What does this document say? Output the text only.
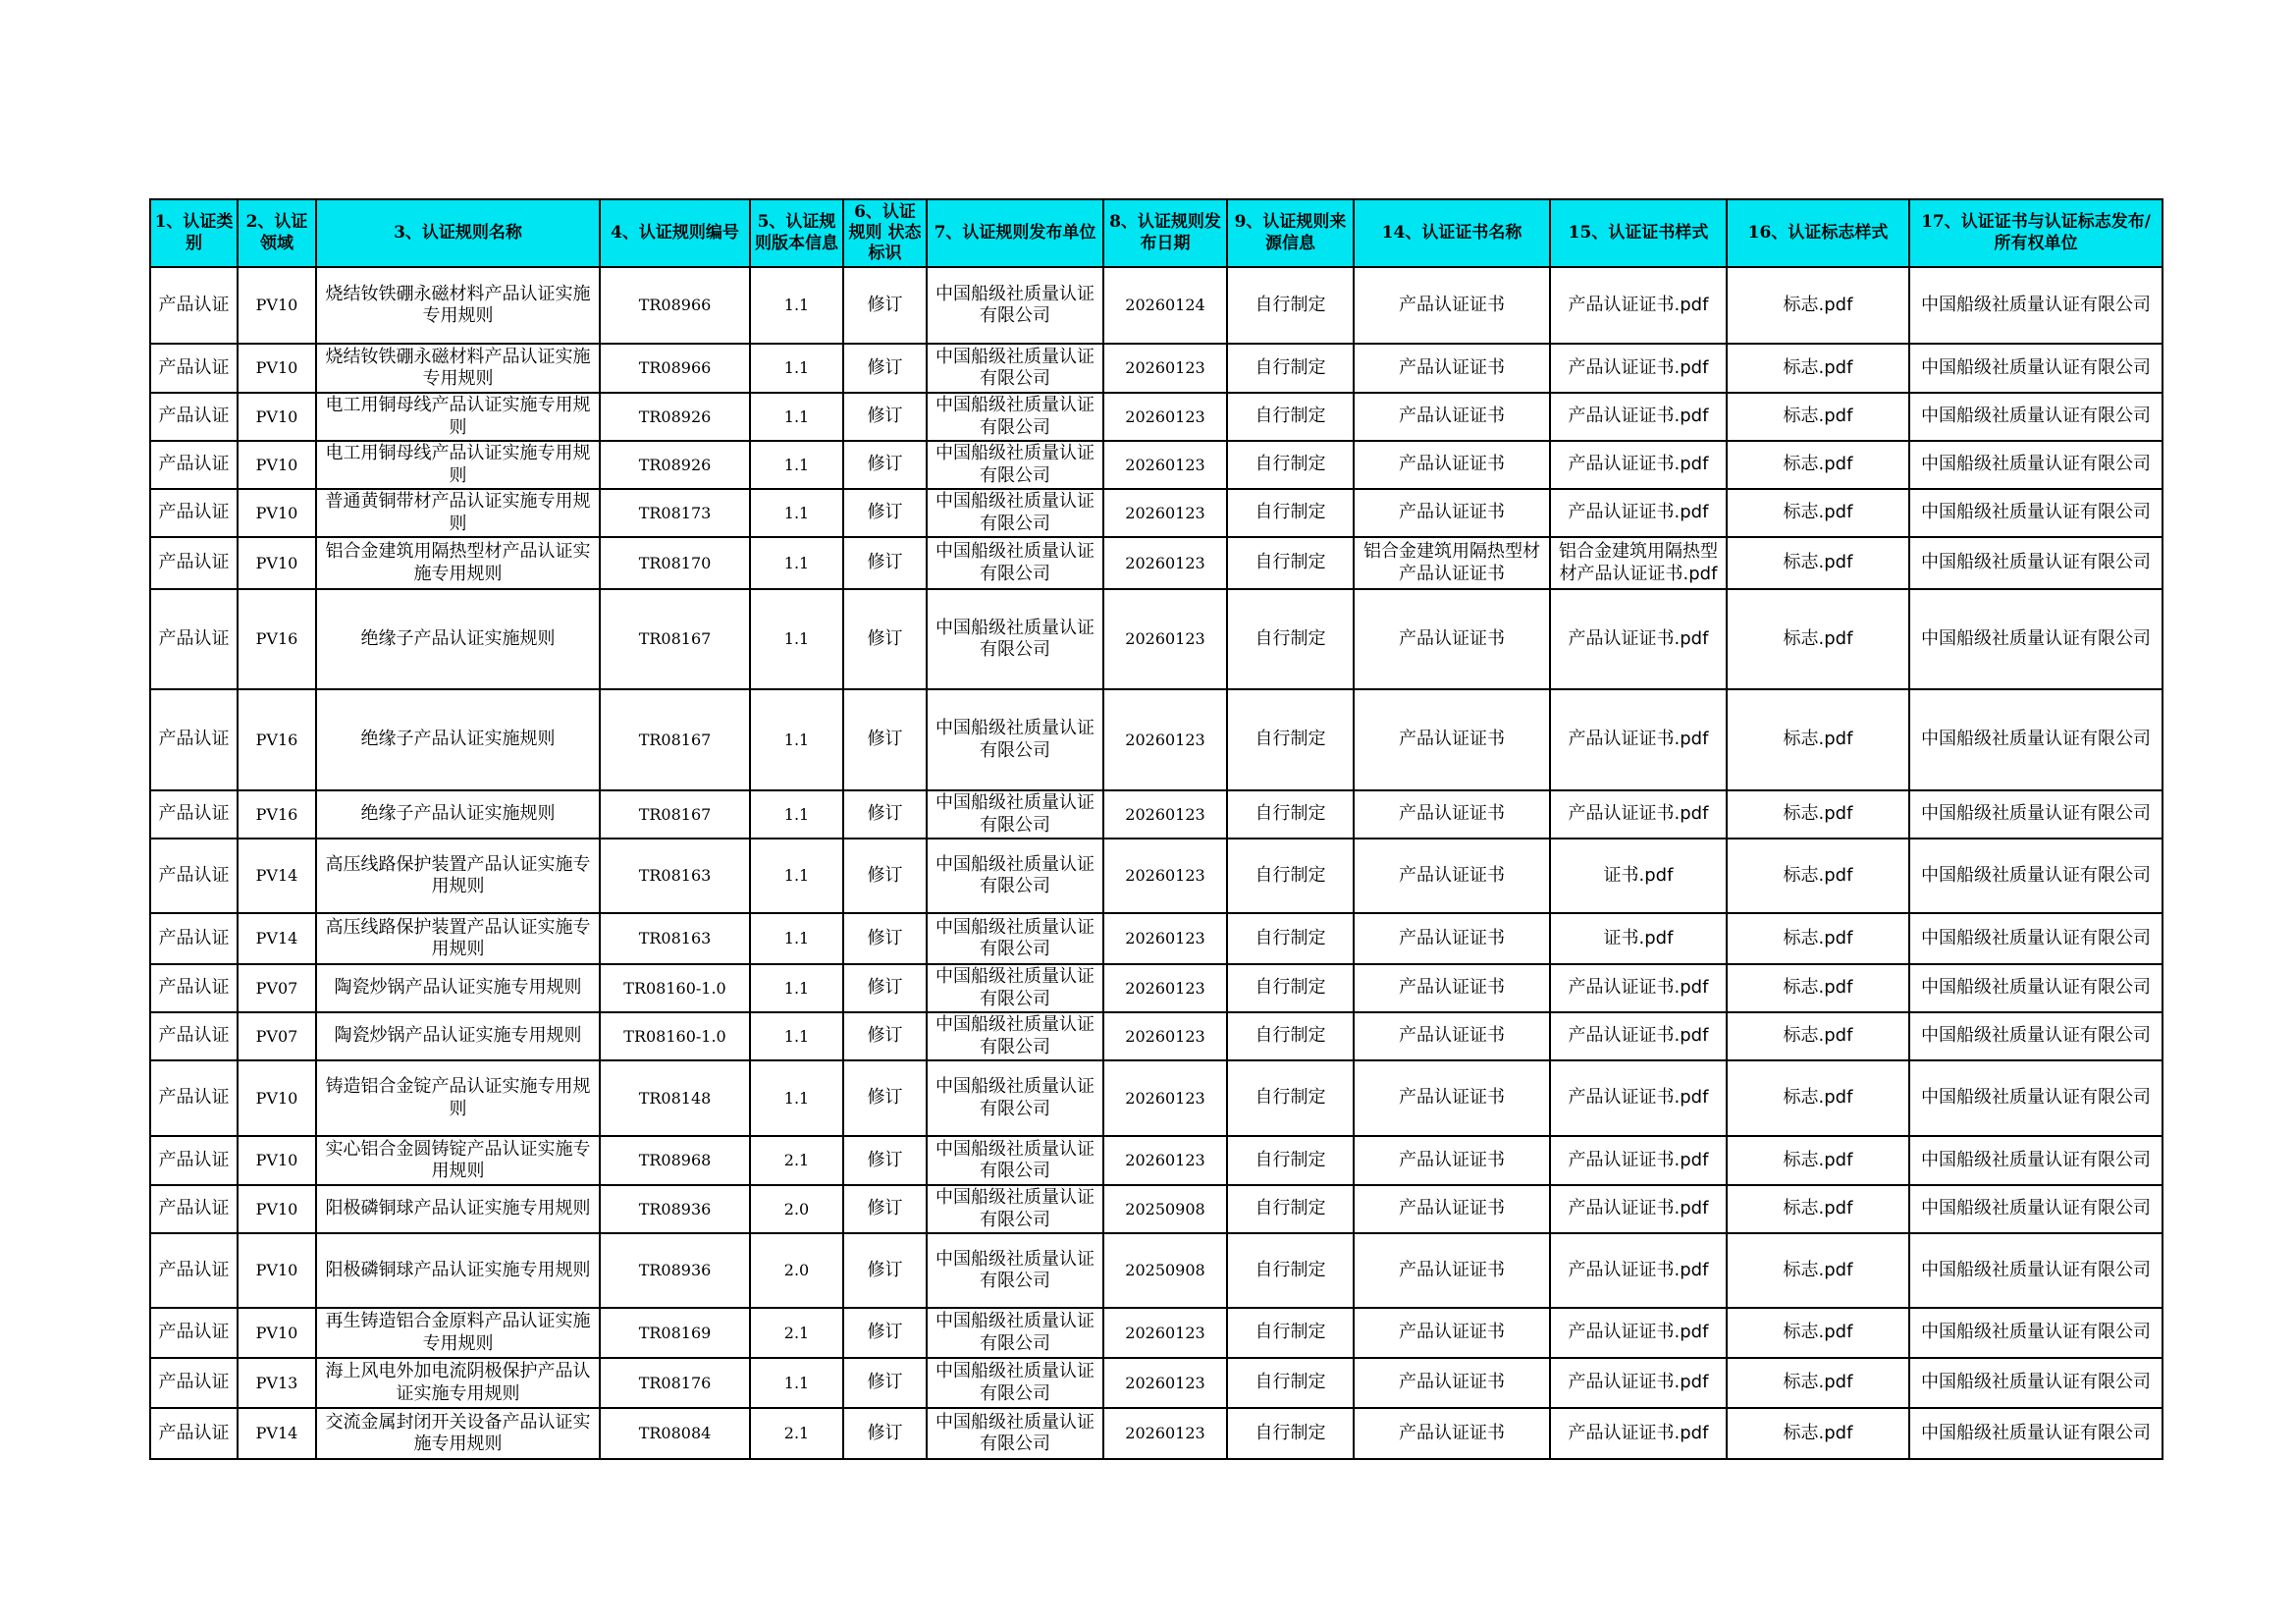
1、认证类别	2、认证领域	3、认证规则名称	4、认证规则编号	5、认证规则版本信息	6、认证规则 状态标识	7、认证规则发布单位	8、认证规则发布日期	9、认证规则来源信息	14、认证证书名称	15、认证证书样式	16、认证标志样式	17、认证证书与认证标志发布/所有权单位
产品认证	PV10	烧结钕铁硼永磁材料产品认证实施专用规则	TR08966	1.1	修订	中国船级社质量认证有限公司	20260124	自行制定	产品认证证书	产品认证证书.pdf	标志.pdf	中国船级社质量认证有限公司
产品认证	PV10	烧结钕铁硼永磁材料产品认证实施专用规则	TR08966	1.1	修订	中国船级社质量认证有限公司	20260123	自行制定	产品认证证书	产品认证证书.pdf	标志.pdf	中国船级社质量认证有限公司
产品认证	PV10	电工用铜母线产品认证实施专用规则	TR08926	1.1	修订	中国船级社质量认证有限公司	20260123	自行制定	产品认证证书	产品认证证书.pdf	标志.pdf	中国船级社质量认证有限公司
产品认证	PV10	电工用铜母线产品认证实施专用规则	TR08926	1.1	修订	中国船级社质量认证有限公司	20260123	自行制定	产品认证证书	产品认证证书.pdf	标志.pdf	中国船级社质量认证有限公司
产品认证	PV10	普通黄铜带材产品认证实施专用规则	TR08173	1.1	修订	中国船级社质量认证有限公司	20260123	自行制定	产品认证证书	产品认证证书.pdf	标志.pdf	中国船级社质量认证有限公司
产品认证	PV10	铝合金建筑用隔热型材产品认证实施专用规则	TR08170	1.1	修订	中国船级社质量认证有限公司	20260123	自行制定	铝合金建筑用隔热型材产品认证证书	铝合金建筑用隔热型材产品认证证书.pdf	标志.pdf	中国船级社质量认证有限公司
产品认证	PV16	绝缘子产品认证实施规则	TR08167	1.1	修订	中国船级社质量认证有限公司	20260123	自行制定	产品认证证书	产品认证证书.pdf	标志.pdf	中国船级社质量认证有限公司
产品认证	PV16	绝缘子产品认证实施规则	TR08167	1.1	修订	中国船级社质量认证有限公司	20260123	自行制定	产品认证证书	产品认证证书.pdf	标志.pdf	中国船级社质量认证有限公司
产品认证	PV16	绝缘子产品认证实施规则	TR08167	1.1	修订	中国船级社质量认证有限公司	20260123	自行制定	产品认证证书	产品认证证书.pdf	标志.pdf	中国船级社质量认证有限公司
产品认证	PV14	高压线路保护装置产品认证实施专用规则	TR08163	1.1	修订	中国船级社质量认证有限公司	20260123	自行制定	产品认证证书	证书.pdf	标志.pdf	中国船级社质量认证有限公司
产品认证	PV14	高压线路保护装置产品认证实施专用规则	TR08163	1.1	修订	中国船级社质量认证有限公司	20260123	自行制定	产品认证证书	证书.pdf	标志.pdf	中国船级社质量认证有限公司
产品认证	PV07	陶瓷炒锅产品认证实施专用规则	TR08160-1.0	1.1	修订	中国船级社质量认证有限公司	20260123	自行制定	产品认证证书	产品认证证书.pdf	标志.pdf	中国船级社质量认证有限公司
产品认证	PV07	陶瓷炒锅产品认证实施专用规则	TR08160-1.0	1.1	修订	中国船级社质量认证有限公司	20260123	自行制定	产品认证证书	产品认证证书.pdf	标志.pdf	中国船级社质量认证有限公司
产品认证	PV10	铸造铝合金锭产品认证实施专用规则	TR08148	1.1	修订	中国船级社质量认证有限公司	20260123	自行制定	产品认证证书	产品认证证书.pdf	标志.pdf	中国船级社质量认证有限公司
产品认证	PV10	实心铝合金圆铸锭产品认证实施专用规则	TR08968	2.1	修订	中国船级社质量认证有限公司	20260123	自行制定	产品认证证书	产品认证证书.pdf	标志.pdf	中国船级社质量认证有限公司
产品认证	PV10	阳极磷铜球产品认证实施专用规则	TR08936	2.0	修订	中国船级社质量认证有限公司	20250908	自行制定	产品认证证书	产品认证证书.pdf	标志.pdf	中国船级社质量认证有限公司
产品认证	PV10	阳极磷铜球产品认证实施专用规则	TR08936	2.0	修订	中国船级社质量认证有限公司	20250908	自行制定	产品认证证书	产品认证证书.pdf	标志.pdf	中国船级社质量认证有限公司
产品认证	PV10	再生铸造铝合金原料产品认证实施专用规则	TR08169	2.1	修订	中国船级社质量认证有限公司	20260123	自行制定	产品认证证书	产品认证证书.pdf	标志.pdf	中国船级社质量认证有限公司
产品认证	PV13	海上风电外加电流阴极保护产品认证实施专用规则	TR08176	1.1	修订	中国船级社质量认证有限公司	20260123	自行制定	产品认证证书	产品认证证书.pdf	标志.pdf	中国船级社质量认证有限公司
产品认证	PV14	交流金属封闭开关设备产品认证实施专用规则	TR08084	2.1	修订	中国船级社质量认证有限公司	20260123	自行制定	产品认证证书	产品认证证书.pdf	标志.pdf	中国船级社质量认证有限公司
